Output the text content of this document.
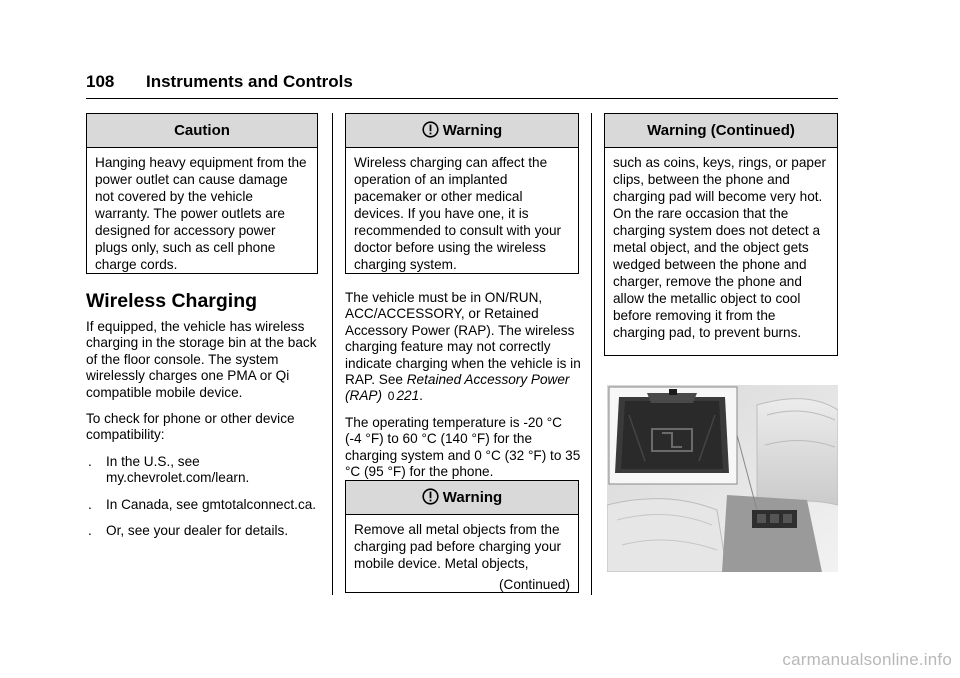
108 Instruments and Controls
Caution

Hanging heavy equipment from the power outlet can cause damage not covered by the vehicle warranty. The power outlets are designed for accessory power plugs only, such as cell phone charge cords.

Wireless Charging

If equipped, the vehicle has wireless charging in the storage bin at the back of the floor console. The system wirelessly charges one PMA or Qi compatible mobile device.

To check for phone or other device compatibility:

. In the U.S., see my.chevrolet.com/learn.
. In Canada, see gmtotalconnect.ca.
. Or, see your dealer for details.
Warning

Wireless charging can affect the operation of an implanted pacemaker or other medical devices. If you have one, it is recommended to consult with your doctor before using the wireless charging system.

The vehicle must be in ON/RUN, ACC/ACCESSORY, or Retained Accessory Power (RAP). The wireless charging feature may not correctly indicate charging when the vehicle is in RAP. See Retained Accessory Power (RAP) 0 221.

The operating temperature is -20 °C (-4 °F) to 60 °C (140 °F) for the charging system and 0 °C (32 °F) to 35 °C (95 °F) for the phone.

Warning

Remove all metal objects from the charging pad before charging your mobile device. Metal objects,

(Continued)
Warning (Continued)

such as coins, keys, rings, or paper clips, between the phone and charging pad will become very hot. On the rare occasion that the charging system does not detect a metal object, and the object gets wedged between the phone and charger, remove the phone and allow the metallic object to cool before removing it from the charging pad, to prevent burns.

carmanualsonline.info
